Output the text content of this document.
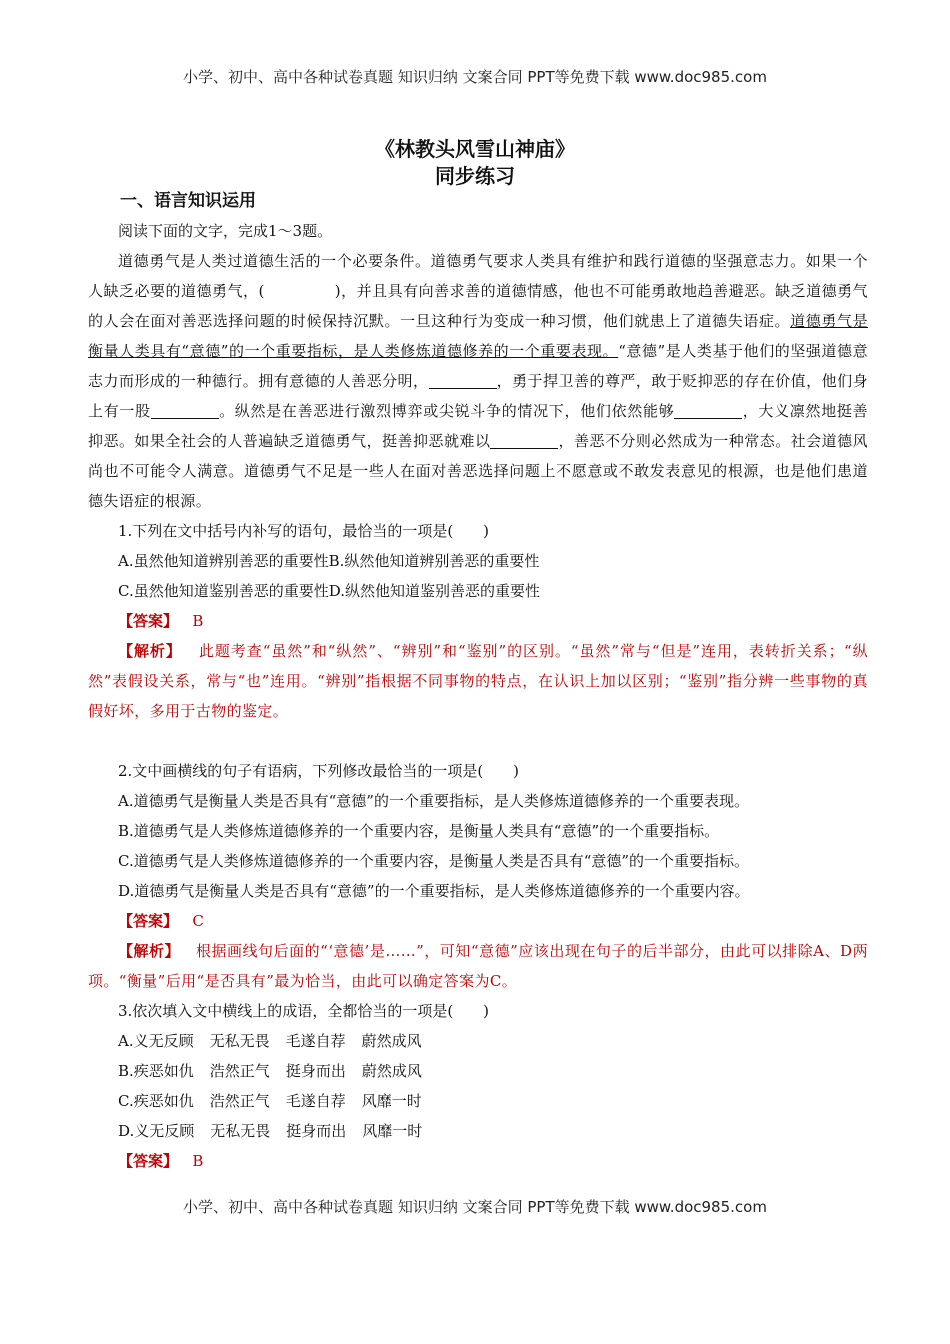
小学、初中、高中各种试卷真题 知识归纳 文案合同 PPT等免费下载 www.doc985.com
《林教头风雪山神庙》
同步练习
一、语言知识运用

阅读下面的文字，完成1～3题。

道德勇气是人类过道德生活的一个必要条件。道德勇气要求人类具有维护和践行道德的坚强意志力。如果一个人缺乏必要的道德勇气，(	)，并且具有向善求善的道德情感，他也不可能勇敢地趋善避恶。缺乏道德勇气的人会在面对善恶选择问题的时候保持沉默。一旦这种行为变成一种习惯，他们就患上了道德失语症。道德勇气是衡量人类具有“意德”的一个重要指标，是人类修炼道德修养的一个重要表现。“意德”是人类基于他们的坚强道德意志力而形成的一种德行。拥有意德的人善恶分明，	，勇于捍卫善的尊严，敢于贬抑恶的存在价值，他们身上有一股	。纵然是在善恶进行激烈博弈或尖锐斗争的情况下，他们依然能够	，大义凛然地挺善抑恶。如果全社会的人普遍缺乏道德勇气，挺善抑恶就难以	，善恶不分则必然成为一种常态。社会道德风尚也不可能令人满意。道德勇气不足是一些人在面对善恶选择问题上不愿意或不敢发表意见的根源，也是他们患道德失语症的根源。

1.下列在文中括号内补写的语句，最恰当的一项是(　　)

A.虽然他知道辨别善恶的重要性B.纵然他知道辨别善恶的重要性

C.虽然他知道鉴别善恶的重要性D.纵然他知道鉴别善恶的重要性

【答案】 B

【解析】 此题考查“虽然”和“纵然”、“辨别”和“鉴别”的区别。“虽然”常与“但是”连用，表转折关系；“纵然”表假设关系，常与“也”连用。“辨别”指根据不同事物的特点，在认识上加以区别；“鉴别”指分辨一些事物的真假好坏，多用于古物的鉴定。

2.文中画横线的句子有语病，下列修改最恰当的一项是(　　)

A.道德勇气是衡量人类是否具有“意德”的一个重要指标，是人类修炼道德修养的一个重要表现。

B.道德勇气是人类修炼道德修养的一个重要内容，是衡量人类具有“意德”的一个重要指标。

C.道德勇气是人类修炼道德修养的一个重要内容，是衡量人类是否具有“意德”的一个重要指标。

D.道德勇气是衡量人类是否具有“意德”的一个重要指标，是人类修炼道德修养的一个重要内容。

【答案】 C

【解析】 根据画线句后面的“‘意德’是……”，可知“意德”应该出现在句子的后半部分，由此可以排除A、D两项。“衡量”后用“是否具有”最为恰当，由此可以确定答案为C。

3.依次填入文中横线上的成语，全都恰当的一项是(　　)

A.义无反顾 无私无畏 毛遂自荐 蔚然成风

B.疾恶如仇 浩然正气 挺身而出 蔚然成风

C.疾恶如仇 浩然正气 毛遂自荐 风靡一时

D.义无反顾 无私无畏 挺身而出 风靡一时

【答案】 B

小学、初中、高中各种试卷真题 知识归纳 文案合同 PPT等免费下载 www.doc985.com
